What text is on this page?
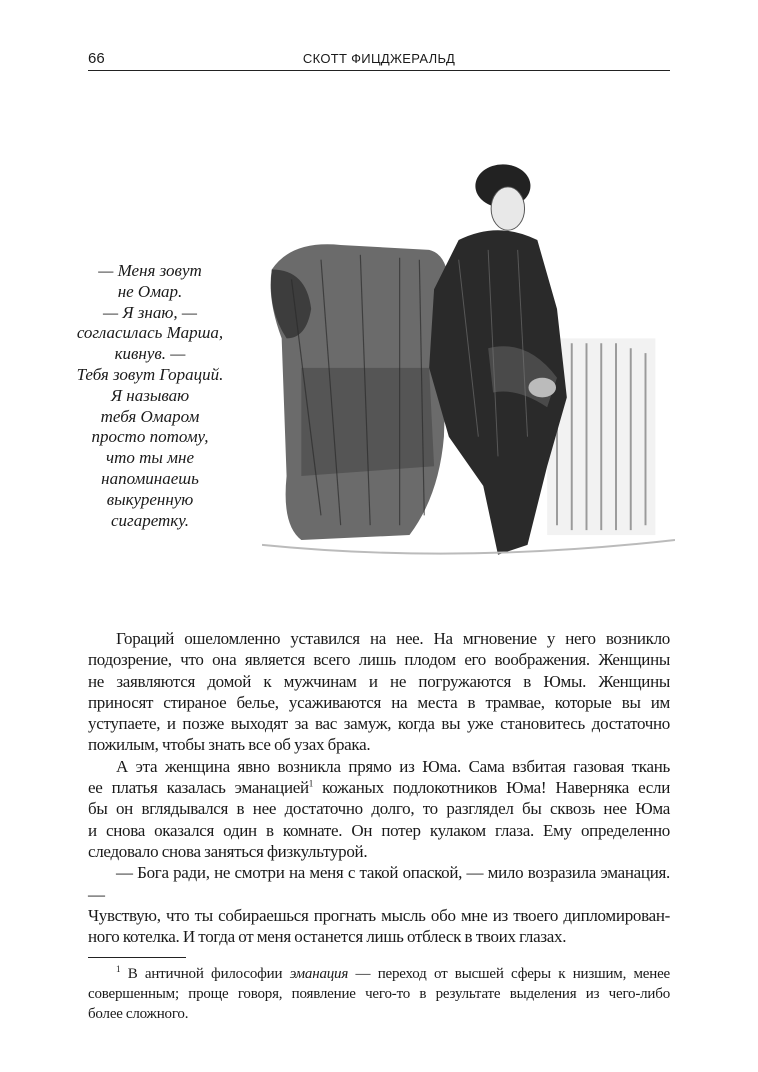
66	СКОТТ ФИЦДЖЕРАЛЬД
— Меня зовут
не Омар.
— Я знаю, —
согласилась Марша,
кивнув. —
Тебя зовут Гораций.
Я называю
тебя Омаром
просто потому,
что ты мне
напоминаешь
выкуренную
сигаретку.
Гораций ошеломленно уставился на нее. На мгновение у него возникло
подозрение, что она является всего лишь плодом его воображения. Женщины
не заявляются домой к мужчинам и не погружаются в Юмы. Женщины
приносят стираное белье, усаживаются на места в трамвае, которые вы им
уступаете, и позже выходят за вас замуж, когда вы уже становитесь достаточно
пожилым, чтобы знать все об узах брака.
А эта женщина явно возникла прямо из Юма. Сама взбитая газовая ткань
ее платья казалась эманацией$^1$ кожаных подлокотников Юма! Наверняка если
бы он вглядывался в нее достаточно долго, то разглядел бы сквозь нее Юма
и снова оказался один в комнате. Он потер кулаком глаза. Ему определенно
следовало снова заняться физкультурой.
— Бога ради, не смотри на меня с такой опаской, — мило возразила эманация. —
Чувствую, что ты собираешься прогнать мысль обо мне из твоего дипломирован-
ного котелка. И тогда от меня останется лишь отблеск в твоих глазах.
$^1$ В античной философии эманация — переход от высшей сферы к низшим, менее
совершенным; проще говоря, появление чего-то в результате выделения из чего-либо
более сложного.
